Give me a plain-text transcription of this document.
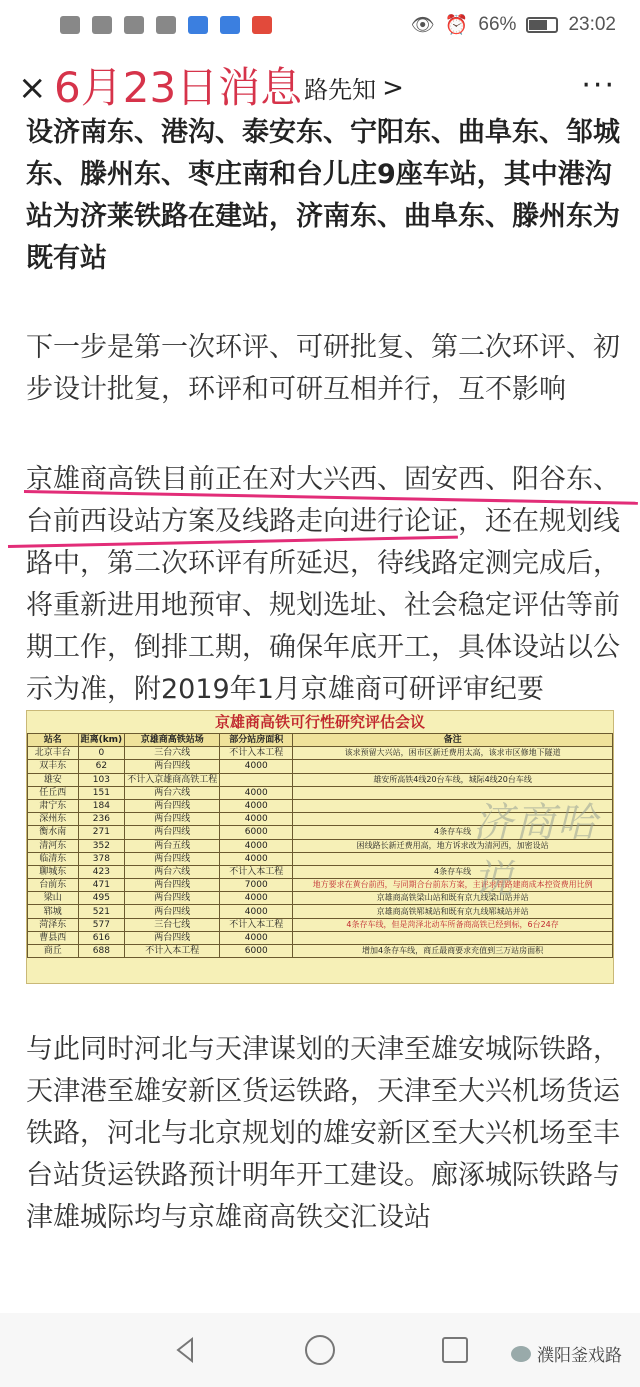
👁 ⏰ 66%	23:02
× 6月23日消息 路先知 >	···

设济南东、港沟、泰安东、宁阳东、曲阜东、邹城东、滕州东、枣庄南和台儿庄9座车站，其中港沟站为济莱铁路在建站，济南东、曲阜东、滕州东为既有站

下一步是第一次环评、可研批复、第二次环评、初步设计批复，环评和可研互相并行，互不影响

京雄商高铁目前正在对大兴西、固安西、阳谷东、台前西设站方案及线路走向进行论证，还在规划线路中，第二次环评有所延迟，待线路定测完成后，将重新进用地预审、规划选址、社会稳定评估等前期工作，倒排工期，确保年底开工，具体设站以公示为准，附2019年1月京雄商可研评审纪要

与此同时河北与天津谋划的天津至雄安城际铁路，天津港至雄安新区货运铁路，天津至大兴机场货运铁路，河北与北京规划的雄安新区至大兴机场至丰台站货运铁路预计明年开工建设。廊涿城际铁路与津雄城际均与京雄商高铁交汇设站

京雄商高铁可行性研究评估会议
站名	距离(km)	京雄商高铁站场	部分站房面积	备注
北京丰台	0	三台六线	不计入本工程	该求预留大兴站，困市区新迁费用太高，该求市区修地下隧道
双丰东	62	两台四线	4000	
雄安	103	不计入京雄商高铁工程		雄安所高铁4线20台车线，城际4线20台车线
任丘西	151	两台六线	4000	
肃宁东	184	两台四线	4000	
深州东	236	两台四线	4000	
衡水南	271	两台四线	6000	4条存车线
清河东	352	两台五线	4000	困线路长新迁费用高，地方诉求改为清河西，加密设站
临清东	378	两台四线	4000	
聊城东	423	两台六线	不计入本工程	4条存车线
台前东	471	两台四线	7000	地方要求在黄台前西，与同期合台前东方案，主评求铁路建商成本控资费用比例
梁山	495	两台四线	4000	京雄商高铁梁山站和既有京九线梁山站并站
郓城	521	两台四线	4000	京雄商高铁郓城站和既有京九线郓城站并站
菏泽东	577	三台七线	不计入本工程	4条存车线，但是菏泽北动车所备商高铁已经到标，6台24存
曹县西	616	两台四线	4000	
商丘	688	不计入本工程	6000	增加4条存车线，商丘最商要求充值到三万站房面积
济商哈说
濮阳釜戏路
